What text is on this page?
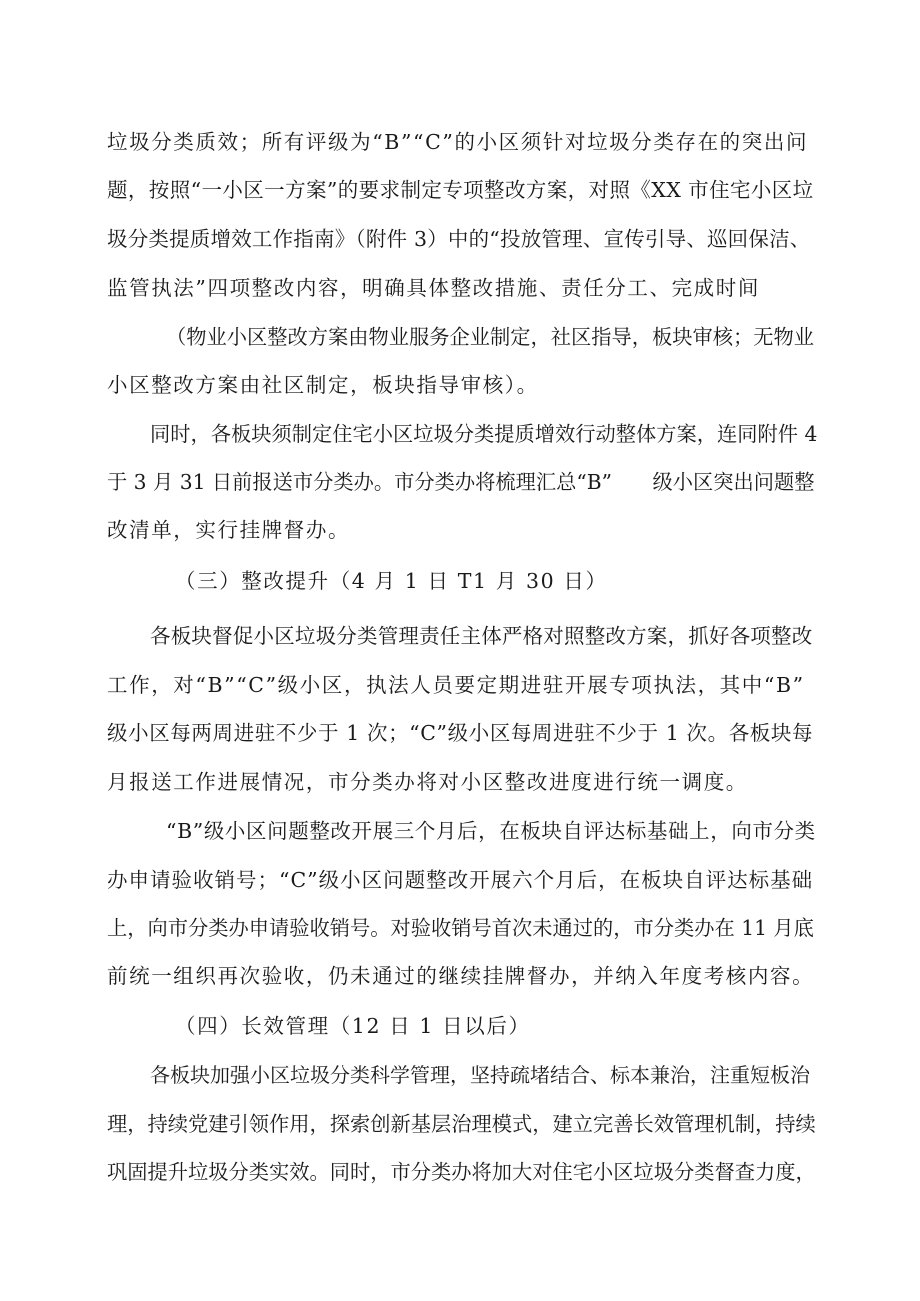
垃圾分类质效；所有评级为“B”“C”的小区须针对垃圾分类存在的突出问
题，按照“一小区一方案”的要求制定专项整改方案，对照《XX 市住宅小区垃
圾分类提质增效工作指南》（附件 3）中的“投放管理、宣传引导、巡回保洁、
监管执法”四项整改内容，明确具体整改措施、责任分工、完成时间
（物业小区整改方案由物业服务企业制定，社区指导，板块审核；无物业
小区整改方案由社区制定，板块指导审核）。
同时，各板块须制定住宅小区垃圾分类提质增效行动整体方案，连同附件 4
于 3 月 31 日前报送市分类办。市分类办将梳理汇总“B”　　级小区突出问题整
改清单，实行挂牌督办。
（三）整改提升（4 月 1 日 T1 月 30 日）
各板块督促小区垃圾分类管理责任主体严格对照整改方案，抓好各项整改
工作，对“B”“C”级小区，执法人员要定期进驻开展专项执法，其中“B”
级小区每两周进驻不少于 1 次；“C”级小区每周进驻不少于 1 次。各板块每
月报送工作进展情况，市分类办将对小区整改进度进行统一调度。
“B”级小区问题整改开展三个月后，在板块自评达标基础上，向市分类
办申请验收销号；“C”级小区问题整改开展六个月后，在板块自评达标基础
上，向市分类办申请验收销号。对验收销号首次未通过的，市分类办在 11 月底
前统一组织再次验收，仍未通过的继续挂牌督办，并纳入年度考核内容。
（四）长效管理（12 日 1 日以后）
各板块加强小区垃圾分类科学管理，坚持疏堵结合、标本兼治，注重短板治
理，持续党建引领作用，探索创新基层治理模式，建立完善长效管理机制，持续
巩固提升垃圾分类实效。同时，市分类办将加大对住宅小区垃圾分类督查力度，
